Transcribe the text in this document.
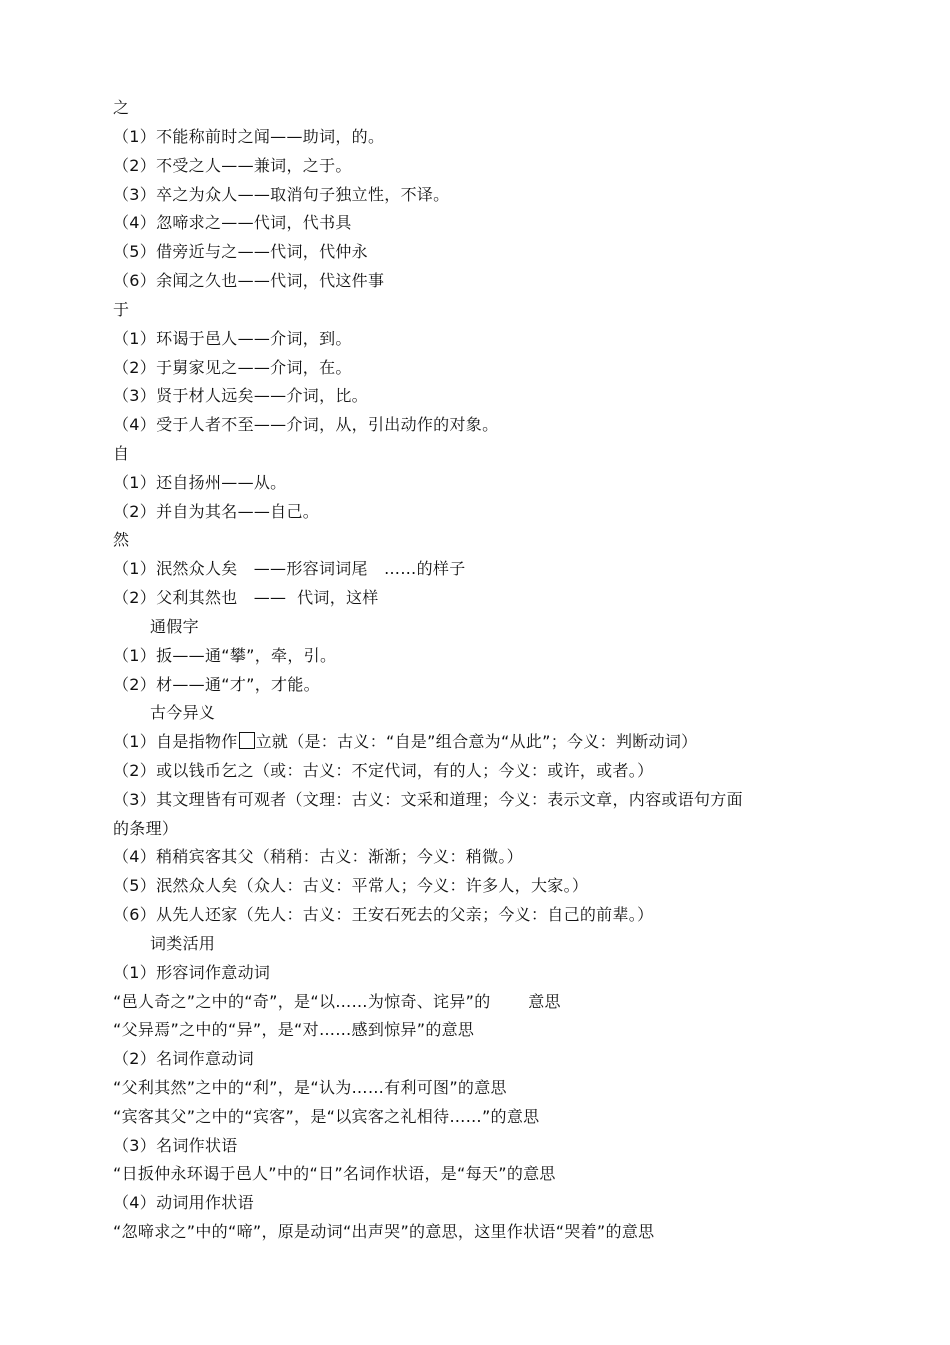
之
（1）不能称前时之闻——助词，的。
（2）不受之人——兼词，之于。
（3）卒之为众人——取消句子独立性，不译。
（4）忽啼求之——代词，代书具
（5）借旁近与之——代词，代仲永
（6）余闻之久也——代词，代这件事
于
（1）环谒于邑人——介词，到。
（2）于舅家见之——介词，在。
（3）贤于材人远矣——介词，比。
（4）受于人者不至——介词，从，引出动作的对象。
自
（1）还自扬州——从。
（2）并自为其名——自己。
然
（1）泯然众人矣   ——形容词词尾   ……的样子
（2）父利其然也   ——  代词，这样
通假字
（1）扳——通“攀”，牵，引。
（2）材——通“才”，才能。
古今异义
（1）自是指物作 立就（是：古义：“自是”组合意为“从此”；今义：判断动词）
（2）或以钱币乞之（或：古义：不定代词，有的人；今义：或许，或者。）
（3）其文理皆有可观者（文理：古义：文采和道理；今义：表示文章，内容或语句方面
的条理）
（4）稍稍宾客其父（稍稍：古义：渐渐；今义：稍微。）
（5）泯然众人矣（众人：古义：平常人；今义：许多人，大家。）
（6）从先人还家（先人：古义：王安石死去的父亲；今义：自己的前辈。）
词类活用
（1）形容词作意动词
“邑人奇之”之中的“奇”，是“以……为惊奇、诧异”的       意思
“父异焉”之中的“异”，是“对……感到惊异”的意思
（2）名词作意动词
“父利其然”之中的“利”，是“认为……有利可图”的意思
“宾客其父”之中的“宾客”，是“以宾客之礼相待……”的意思
（3）名词作状语
“日扳仲永环谒于邑人”中的“日”名词作状语，是“每天”的意思
（4）动词用作状语
“忽啼求之”中的“啼”，原是动词“出声哭”的意思，这里作状语“哭着”的意思
